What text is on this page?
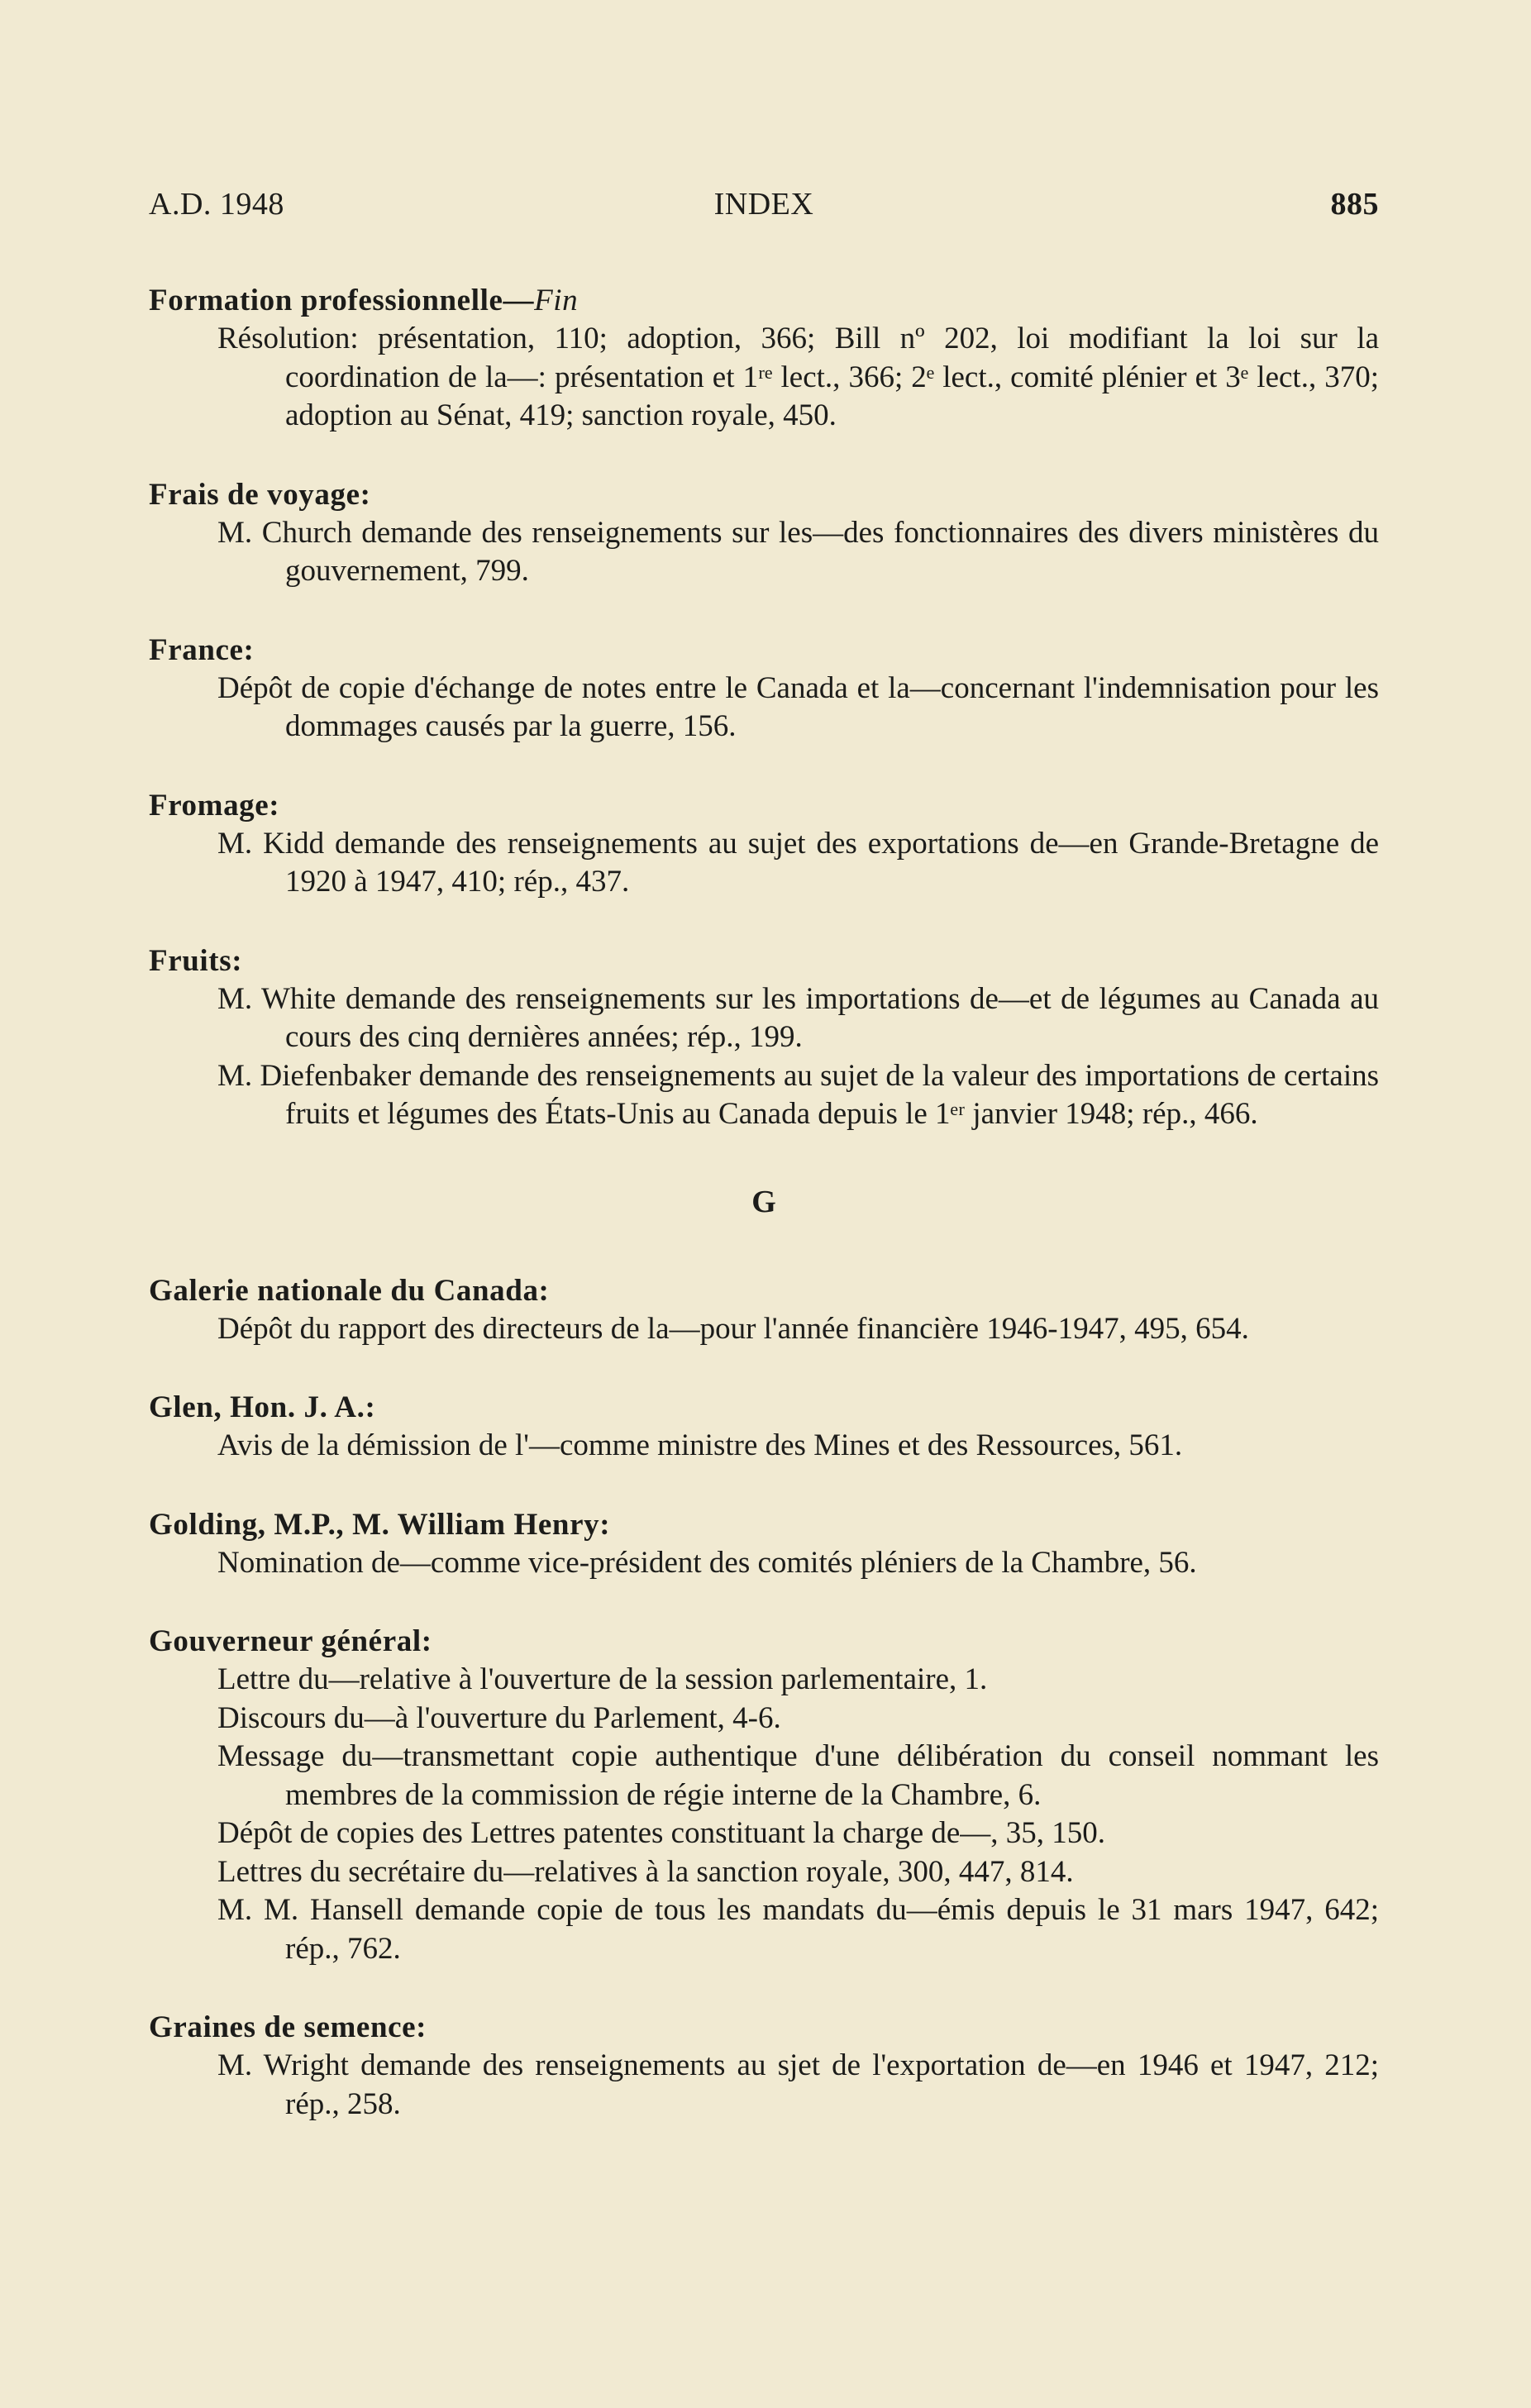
A.D. 1948	INDEX	885
Formation professionnelle—Fin
Résolution: présentation, 110; adoption, 366; Bill nº 202, loi modifiant la loi sur la coordination de la—: présentation et 1ʳᵉ lect., 366; 2ᵉ lect., comité plénier et 3ᵉ lect., 370; adoption au Sénat, 419; sanction royale, 450.
Frais de voyage:
M. Church demande des renseignements sur les—des fonctionnaires des divers ministères du gouvernement, 799.
France:
Dépôt de copie d'échange de notes entre le Canada et la—concernant l'indemnisation pour les dommages causés par la guerre, 156.
Fromage:
M. Kidd demande des renseignements au sujet des exportations de—en Grande-Bretagne de 1920 à 1947, 410; rép., 437.
Fruits:
M. White demande des renseignements sur les importations de—et de légumes au Canada au cours des cinq dernières années; rép., 199.
M. Diefenbaker demande des renseignements au sujet de la valeur des importations de certains fruits et légumes des États-Unis au Canada depuis le 1ᵉʳ janvier 1948; rép., 466.
G
Galerie nationale du Canada:
Dépôt du rapport des directeurs de la—pour l'année financière 1946-1947, 495, 654.
Glen, Hon. J. A.:
Avis de la démission de l'—comme ministre des Mines et des Ressources, 561.
Golding, M.P., M. William Henry:
Nomination de—comme vice-président des comités pléniers de la Chambre, 56.
Gouverneur général:
Lettre du—relative à l'ouverture de la session parlementaire, 1.
Discours du—à l'ouverture du Parlement, 4-6.
Message du—transmettant copie authentique d'une délibération du conseil nommant les membres de la commission de régie interne de la Chambre, 6.
Dépôt de copies des Lettres patentes constituant la charge de—, 35, 150.
Lettres du secrétaire du—relatives à la sanction royale, 300, 447, 814.
M. M. Hansell demande copie de tous les mandats du—émis depuis le 31 mars 1947, 642; rép., 762.
Graines de semence:
M. Wright demande des renseignements au sjet de l'exportation de—en 1946 et 1947, 212; rép., 258.
